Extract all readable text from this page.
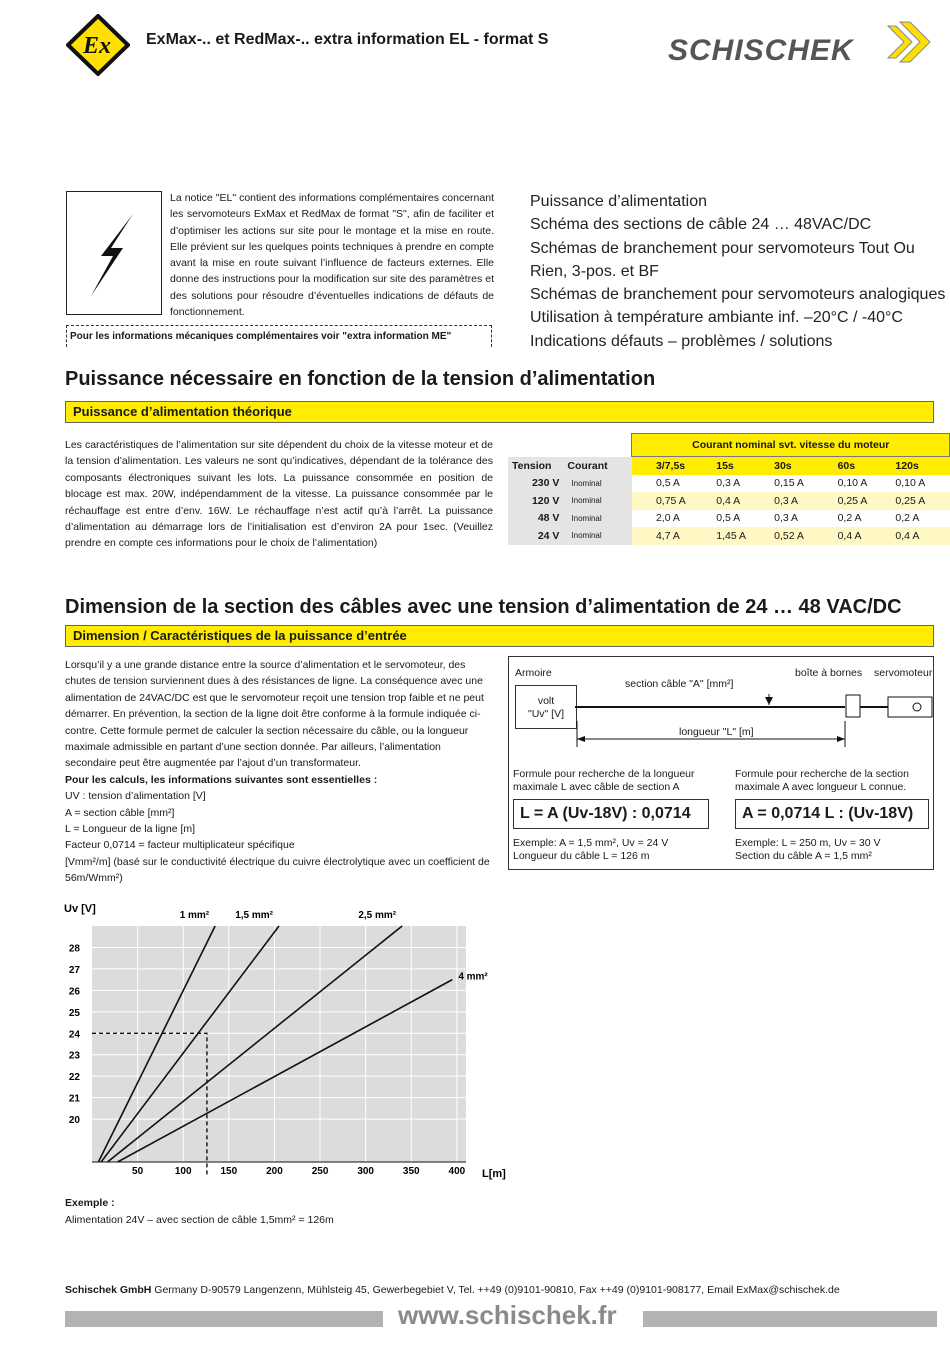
Ex ExMax-.. et RedMax-.. extra information EL - format S	SCHISCHEK
La notice "EL" contient des informations complémentaires concernant les servomoteurs ExMax et RedMax de format "S", afin de faciliter et d’optimiser les actions sur site pour le montage et la mise en route. Elle prévient sur les quelques points techniques à prendre en compte avant la mise en route suivant l’influence de facteurs externes. Elle donne des instructions pour la modification sur site des paramètres et des solutions pour résoudre d’éventuelles indications de défauts de fonctionnement.
Pour les informations mécaniques complémentaires voir "extra information ME"
Puissance d’alimentation
Schéma des sections de câble 24 … 48VAC/DC
Schémas de branchement pour servomoteurs Tout Ou
Rien, 3-pos. et BF
Schémas de branchement pour servomoteurs analogiques
Utilisation à température ambiante inf. –20°C / -40°C
Indications défauts – problèmes / solutions
Puissance nécessaire en fonction de la tension d’alimentation
Puissance d’alimentation théorique
Les caractéristiques de l’alimentation sur site dépendent du choix de la vitesse moteur et de la tension d’alimentation. Les valeurs ne sont qu’indicatives, dépendant de la tolérance des composants électroniques suivant les lots. La puissance consommée en position de blocage est max. 20W, indépendamment de la vitesse. La puissance consommée par le réchauffage est entre d’env. 16W. Le réchauffage n’est actif qu’à l’arrêt. La puissance d’alimentation au démarrage lors de l’initialisation est d’environ 2A pour 1sec. (Veuillez prendre en compte ces informations pour le choix de l’alimentation)
		Courant nominal svt. vitesse du moteur				
Tension	Courant	3/7,5s	15s	30s	60s	120s
230 V	Inominal	0,5 A	0,3 A	0,15 A	0,10 A	0,10 A
120 V	Inominal	0,75 A	0,4 A	0,3 A	0,25 A	0,25 A
48 V	Inominal	2,0 A	0,5 A	0,3 A	0,2 A	0,2 A
24 V	Inominal	4,7 A	1,45 A	0,52 A	0,4 A	0,4 A
Dimension de la section des câbles avec une tension d’alimentation de 24 … 48 VAC/DC
Dimension / Caractéristiques de la puissance d’entrée
Lorsqu’il y a une grande distance entre la source d’alimentation et le servomoteur, des chutes de tension surviennent dues à des résistances de ligne. La conséquence avec une alimentation de 24VAC/DC est que le servomoteur reçoit une tension trop faible et ne peut démarrer. En prévention, la section de la ligne doit être conforme à la formule indiquée ci-contre. Cette formule permet de calculer la section nécessaire du câble, ou la longueur maximale admissible en partant d’une section donnée. Par ailleurs, l’alimentation secondaire peut être augmentée par l’ajout d’un transformateur.
Pour les calculs, les informations suivantes sont essentielles :
UV : tension d’alimentation [V]
A = section câble [mm²]
L = Longueur de la ligne [m]
Facteur 0,0714 = facteur multiplicateur spécifique
[Vmm²/m] (basé sur le conductivité électrique du cuivre électrolytique avec un coefficient de 56m/Wmm²)
Armoire
volt
"Uv" [V]
section câble "A" [mm²]
longueur "L" [m]
boîte à bornes servomoteur
Formule pour recherche de la longueur maximale L avec câble de section A
L = A (Uv-18V) : 0,0714
Exemple: A = 1,5 mm², Uv = 24 V
Longueur du câble L = 126 m
Formule pour recherche de la section maximale A avec longueur L connue.
A = 0,0714 L : (Uv-18V)
Exemple: L = 250 m, Uv = 30 V
Section du câble A = 1,5 mm²
1 mm²	1,5 mm²	2,5 mm²
4 mm²
50	100	150	200	250	300	350	400
20
21
22
23
24
25
26
27
28
Uv [V]
L[m]
Exemple :
Alimentation 24V – avec section de câble 1,5mm² = 126m
Schischek GmbH Germany D-90579 Langenzenn, Mühlsteig 45, Gewerbegebiet V, Tel. ++49 (0)9101-90810, Fax ++49 (0)9101-908177, Email ExMax@schischek.de
www.schischek.fr
